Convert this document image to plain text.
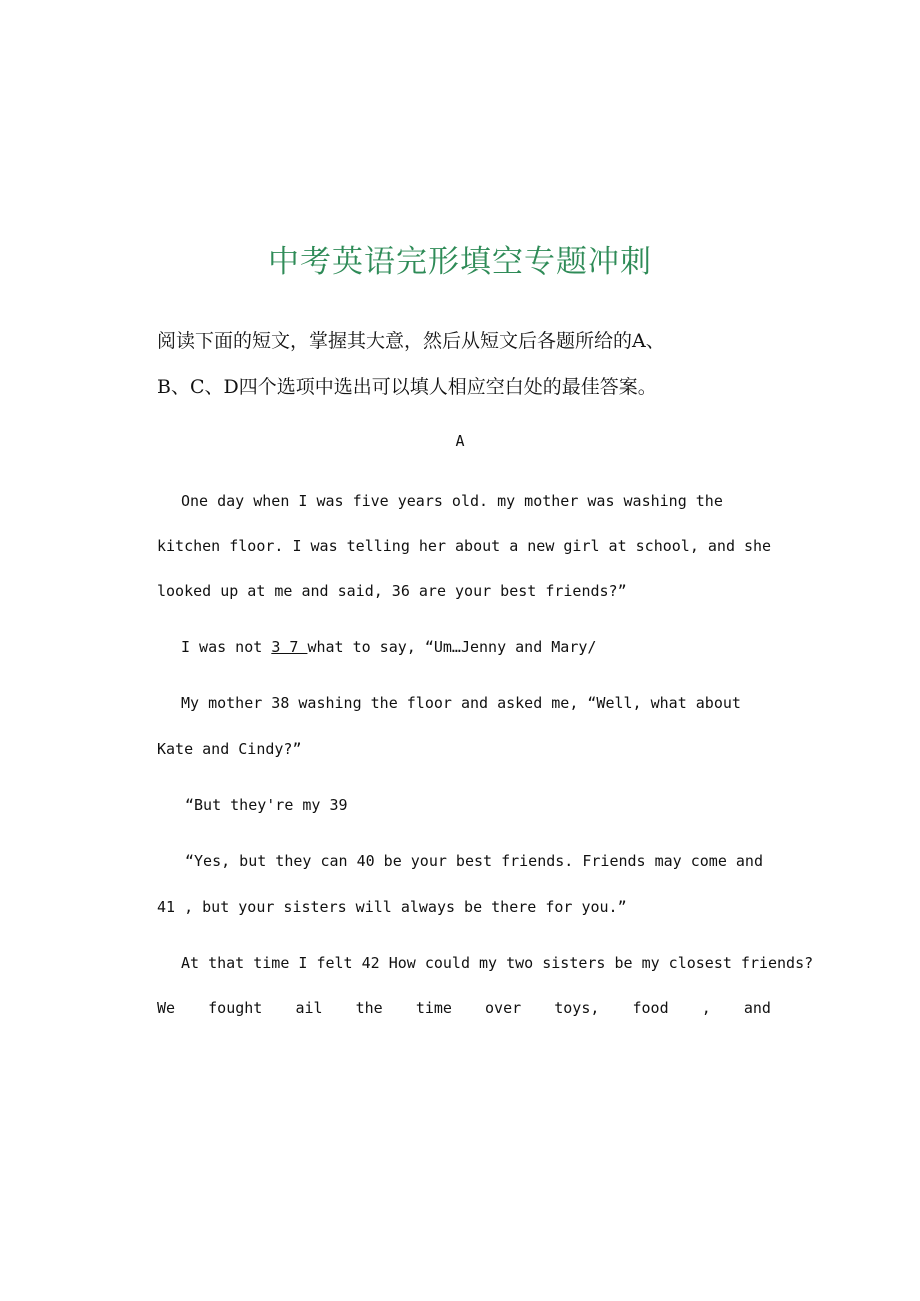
中考英语完形填空专题冲刺
阅读下面的短文，掌握其大意，然后从短文后各题所给的A、
B、C、D四个选项中选出可以填人相应空白处的最佳答案。
A
One day when I was five years old. my mother was washing the
kitchen floor. I was telling her about a new girl at school, and she
looked up at me and said, 36 are your best friends?”
I was not 3 7 what to say, “Um…Jenny and Mary/
My mother 38 washing the floor and asked me, “Well, what about
Kate and Cindy?”
“But they're my 39
“Yes, but they can 40 be your best friends. Friends may come and
41 , but your sisters will always be there for you.”
At that time I felt 42 How could my two sisters be my closest friends?
We fought ail the time over toys, food , and
